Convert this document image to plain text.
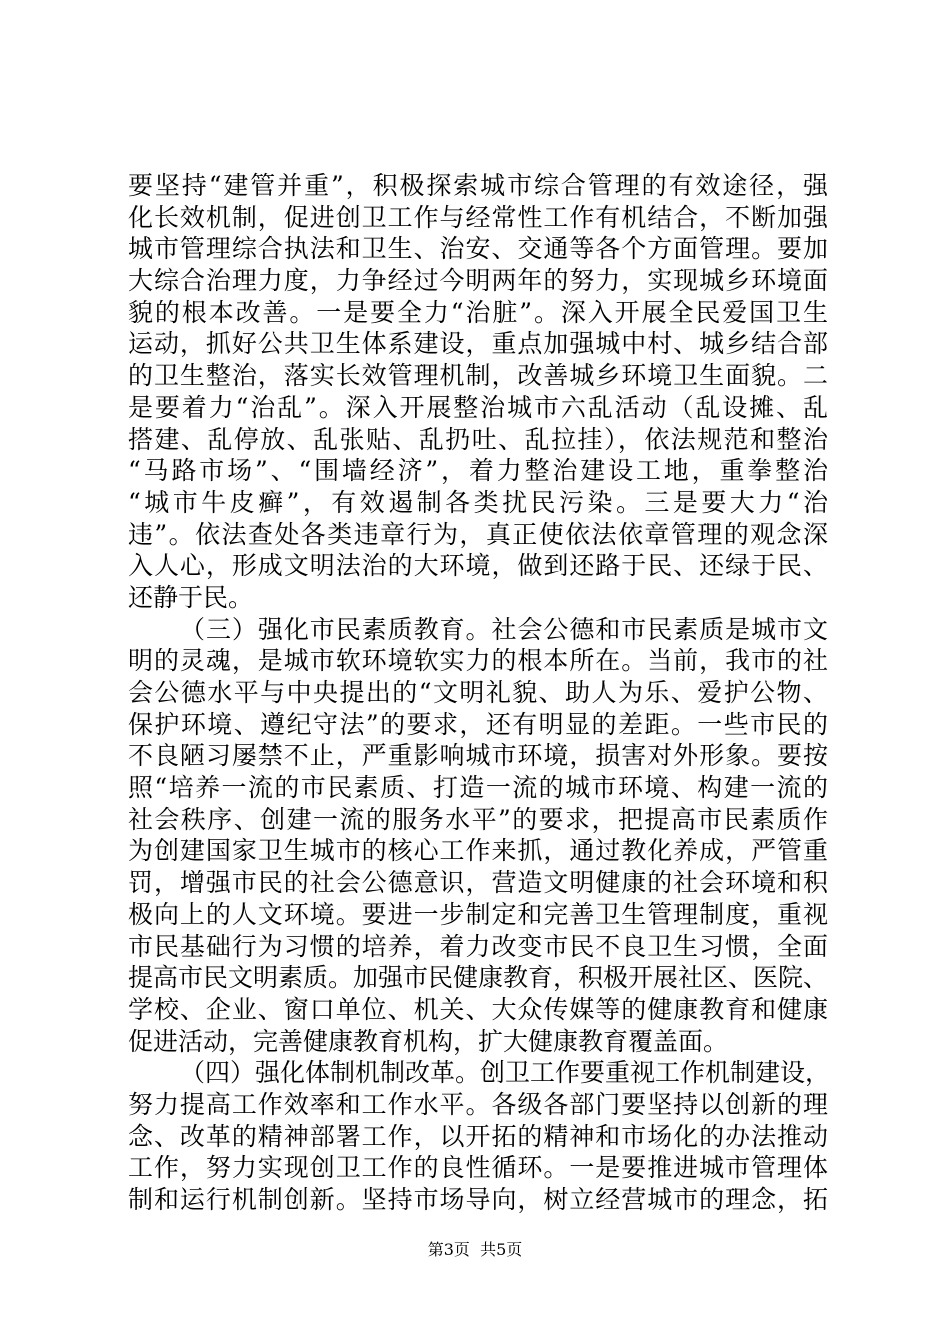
要坚持“建管并重”，积极探索城市综合管理的有效途径，强
化长效机制，促进创卫工作与经常性工作有机结合，不断加强
城市管理综合执法和卫生、治安、交通等各个方面管理。要加
大综合治理力度，力争经过今明两年的努力，实现城乡环境面
貌的根本改善。一是要全力“治脏”。深入开展全民爱国卫生
运动，抓好公共卫生体系建设，重点加强城中村、城乡结合部
的卫生整治，落实长效管理机制，改善城乡环境卫生面貌。二
是要着力“治乱”。深入开展整治城市六乱活动（乱设摊、乱
搭建、乱停放、乱张贴、乱扔吐、乱拉挂），依法规范和整治
“马路市场”、“围墙经济”，着力整治建设工地，重拳整治
“城市牛皮癣”，有效遏制各类扰民污染。三是要大力“治
违”。依法查处各类违章行为，真正使依法依章管理的观念深
入人心，形成文明法治的大环境，做到还路于民、还绿于民、
还静于民。
（三）强化市民素质教育。社会公德和市民素质是城市文
明的灵魂，是城市软环境软实力的根本所在。当前，我市的社
会公德水平与中央提出的“文明礼貌、助人为乐、爱护公物、
保护环境、遵纪守法”的要求，还有明显的差距。一些市民的
不良陋习屡禁不止，严重影响城市环境，损害对外形象。要按
照“培养一流的市民素质、打造一流的城市环境、构建一流的
社会秩序、创建一流的服务水平”的要求，把提高市民素质作
为创建国家卫生城市的核心工作来抓，通过教化养成，严管重
罚，增强市民的社会公德意识，营造文明健康的社会环境和积
极向上的人文环境。要进一步制定和完善卫生管理制度，重视
市民基础行为习惯的培养，着力改变市民不良卫生习惯，全面
提高市民文明素质。加强市民健康教育，积极开展社区、医院、
学校、企业、窗口单位、机关、大众传媒等的健康教育和健康
促进活动，完善健康教育机构，扩大健康教育覆盖面。
（四）强化体制机制改革。创卫工作要重视工作机制建设，
努力提高工作效率和工作水平。各级各部门要坚持以创新的理
念、改革的精神部署工作，以开拓的精神和市场化的办法推动
工作，努力实现创卫工作的良性循环。一是要推进城市管理体
制和运行机制创新。坚持市场导向，树立经营城市的理念，拓
第3页  共5页
